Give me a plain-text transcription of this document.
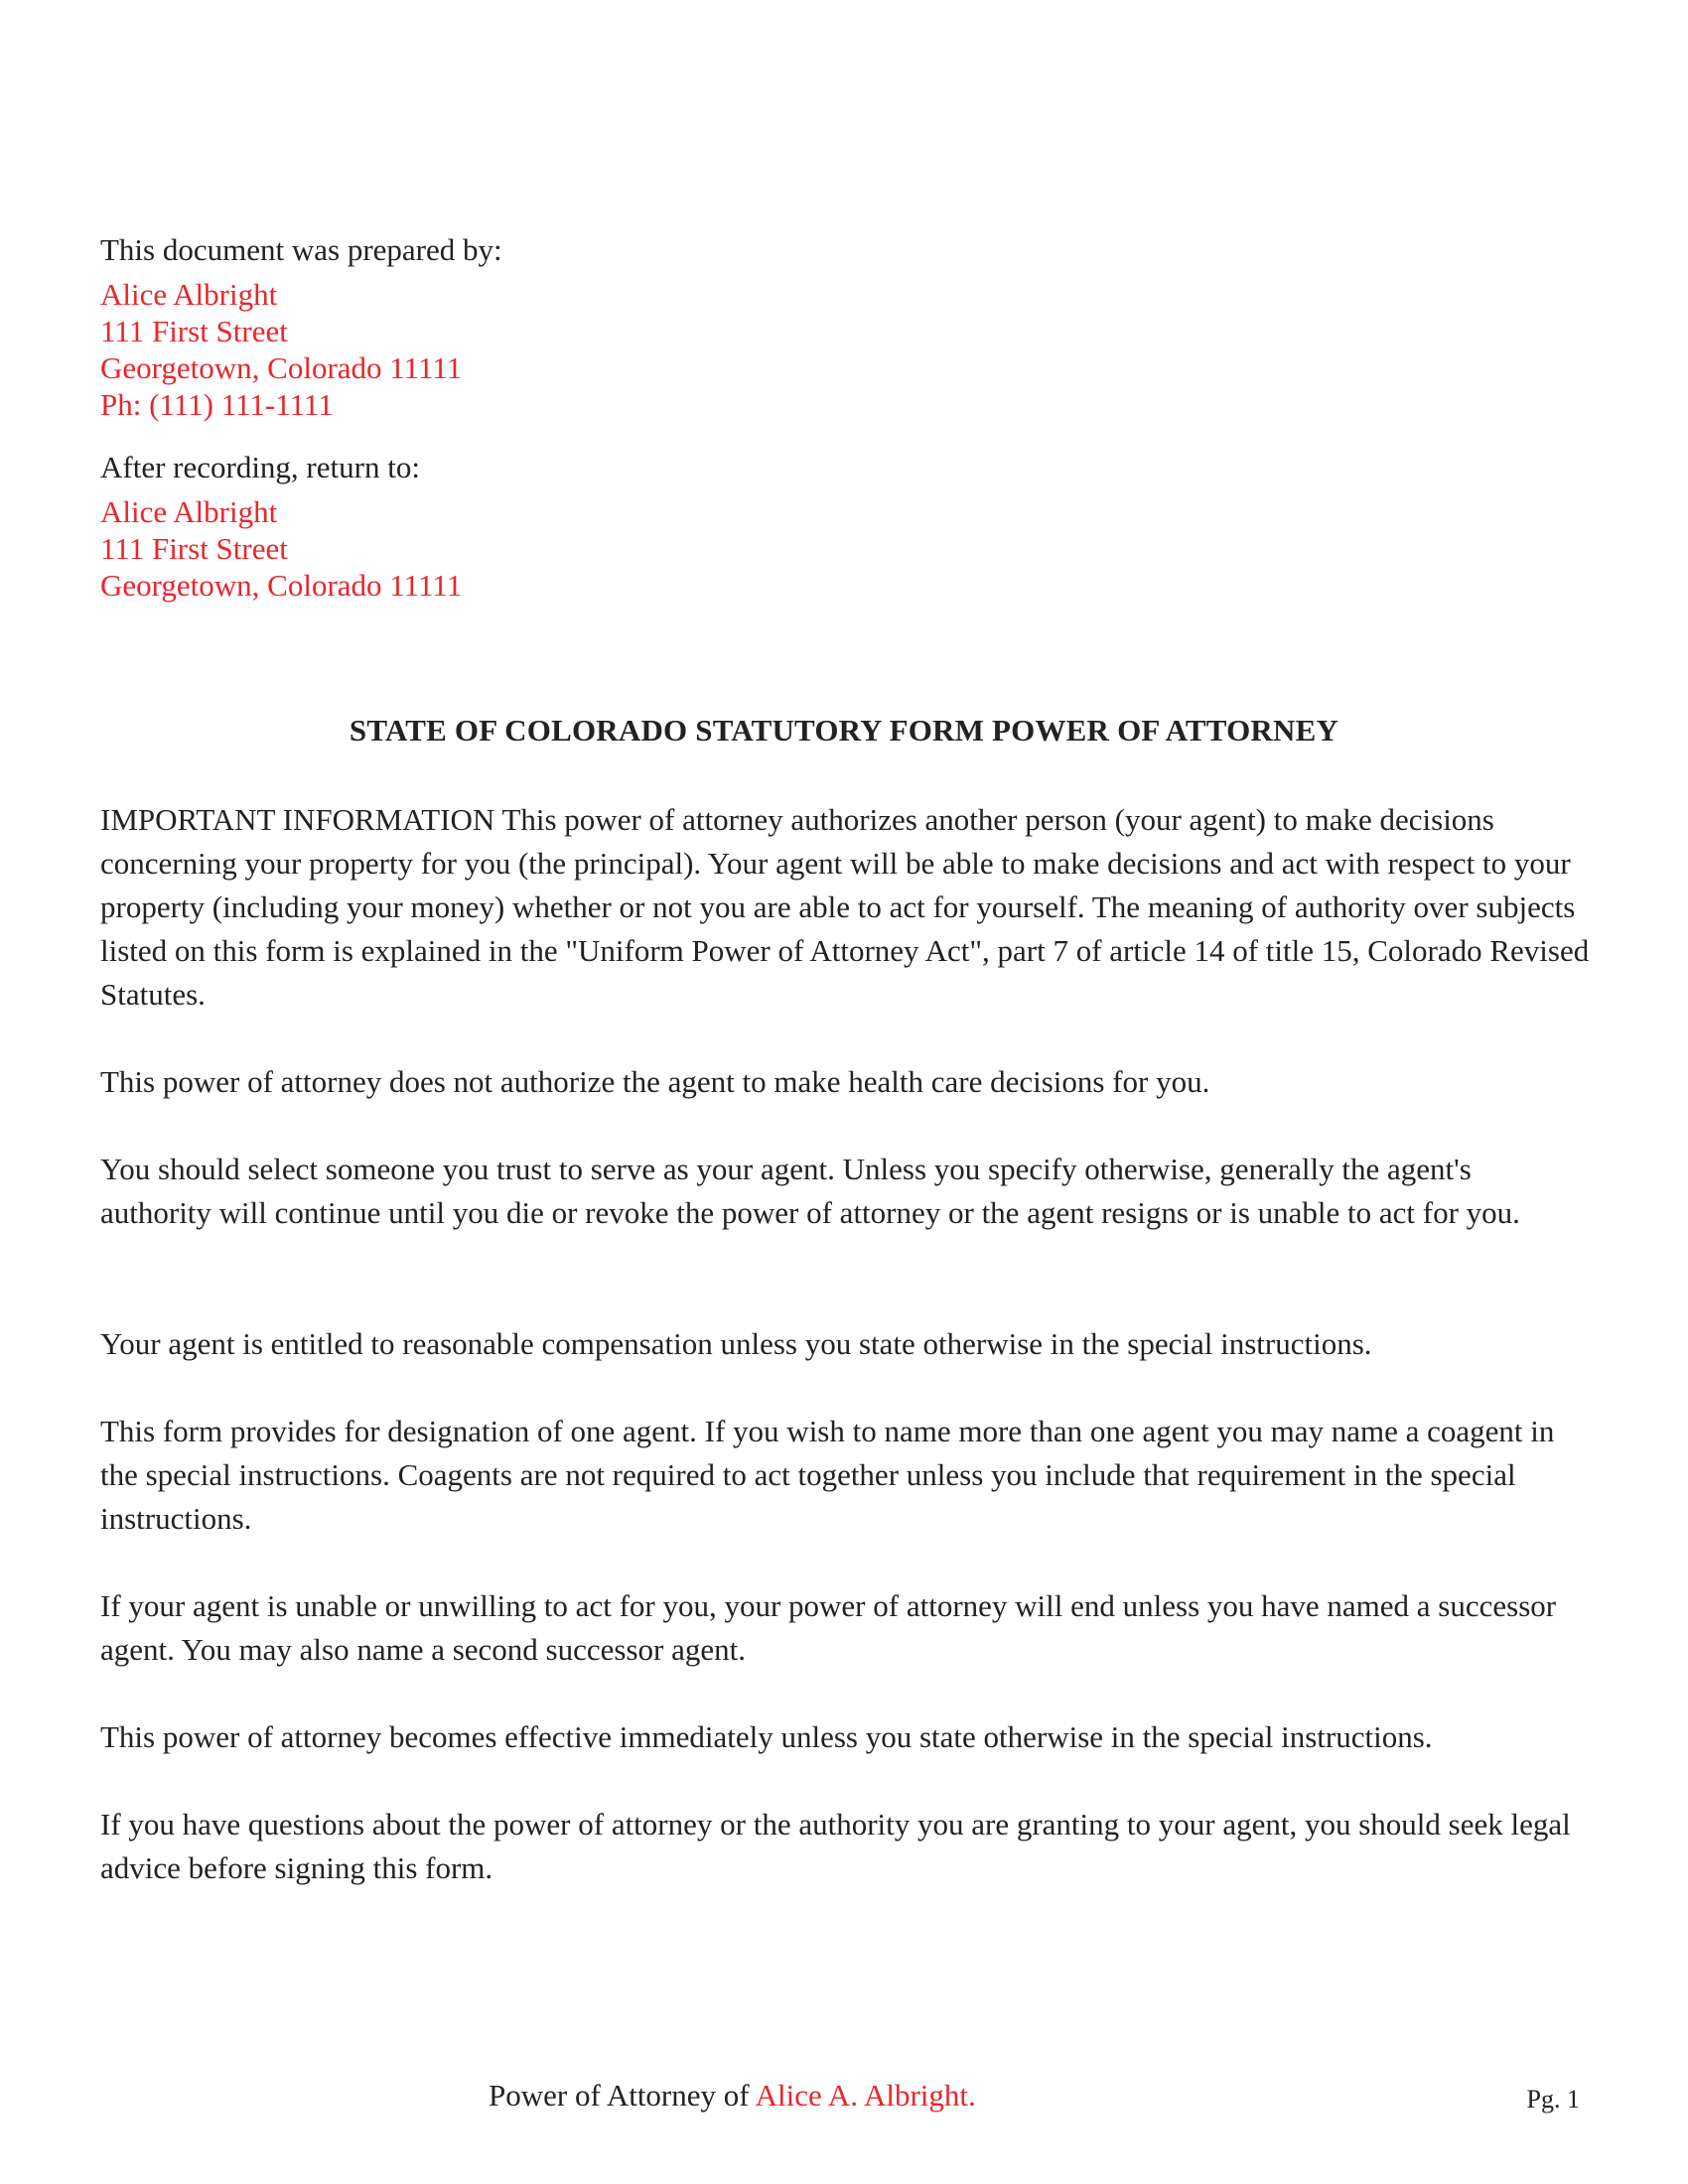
This document was prepared by:
Alice Albright
111 First Street
Georgetown, Colorado 11111
Ph: (111) 111-1111
After recording, return to:
Alice Albright
111 First Street
Georgetown, Colorado 11111
STATE OF COLORADO STATUTORY FORM POWER OF ATTORNEY

IMPORTANT INFORMATION This power of attorney authorizes another person (your agent) to make decisions concerning your property for you (the principal). Your agent will be able to make decisions and act with respect to your property (including your money) whether or not you are able to act for yourself. The meaning of authority over subjects listed on this form is explained in the "Uniform Power of Attorney Act", part 7 of article 14 of title 15, Colorado Revised Statutes.

This power of attorney does not authorize the agent to make health care decisions for you.

You should select someone you trust to serve as your agent. Unless you specify otherwise, generally the agent's authority will continue until you die or revoke the power of attorney or the agent resigns or is unable to act for you.

Your agent is entitled to reasonable compensation unless you state otherwise in the special instructions.

This form provides for designation of one agent. If you wish to name more than one agent you may name a coagent in the special instructions. Coagents are not required to act together unless you include that requirement in the special instructions.

If your agent is unable or unwilling to act for you, your power of attorney will end unless you have named a successor agent. You may also name a second successor agent.

This power of attorney becomes effective immediately unless you state otherwise in the special instructions.

If you have questions about the power of attorney or the authority you are granting to your agent, you should seek legal advice before signing this form.

Power of Attorney of Alice A. Albright.	Pg. 1
